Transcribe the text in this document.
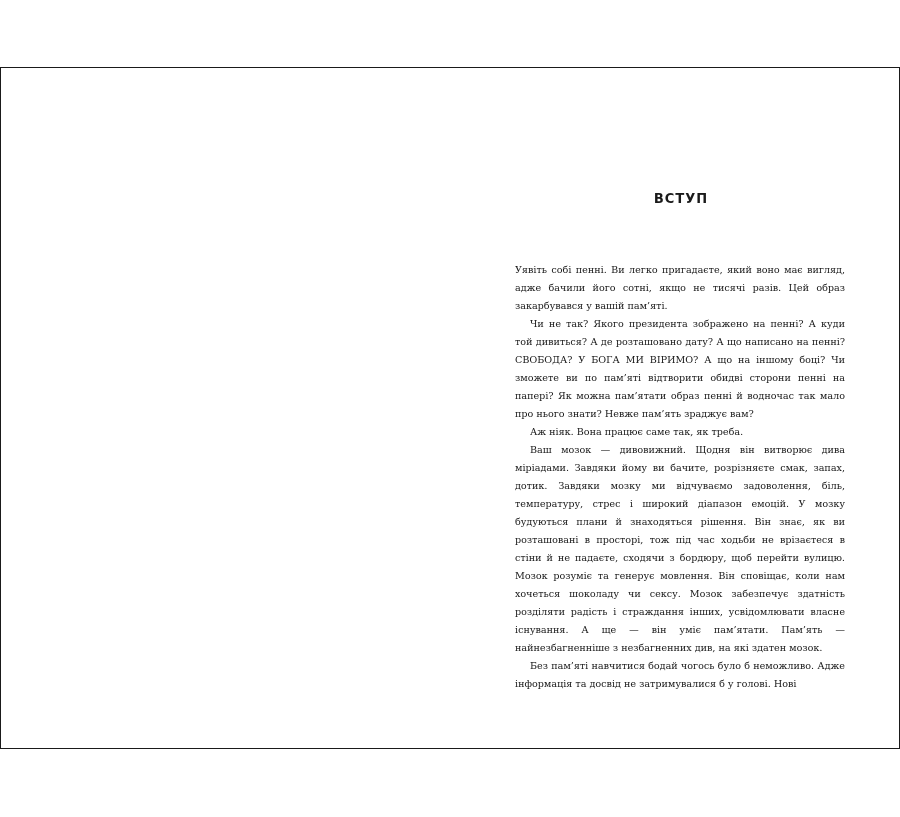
ВСТУП

Уявіть собі пенні. Ви легко пригадаєте, який воно має вигляд, адже бачили його сотні, якщо не тисячі разів. Цей образ закарбувався у вашій пам’яті.

Чи не так? Якого президента зображено на пенні? А куди той дивиться? А де розташовано дату? А що написано на пенні? СВОБОДА? У БОГА МИ ВІРИМО? А що на іншому боці? Чи зможете ви по пам’яті відтворити обидві сторони пенні на папері? Як можна пам’ятати образ пенні й водночас так мало про нього знати? Невже пам’ять зраджує вам?

Аж ніяк. Вона працює саме так, як треба.

Ваш мозок — дивовижний. Щодня він витворює дива міріадами. Завдяки йому ви бачите, розрізняєте смак, запах, дотик. Завдяки мозку ми відчуваємо задоволення, біль, температуру, стрес і широкий діапазон емоцій. У мозку будуються плани й знаходяться рішення. Він знає, як ви розташовані в просторі, тож під час ходьби не врізаєтеся в стіни й не падаєте, сходячи з бордюру, щоб перейти вулицю. Мозок розуміє та генерує мовлення. Він сповіщає, коли нам хочеться шоколаду чи сексу. Мозок забезпечує здатність розділяти радість і страждання інших, усвідомлювати власне існування. А ще — він уміє пам’ятати. Пам’ять — найнезбагненніше з незбагненних див, на які здатен мозок.

Без пам’яті навчитися бодай чогось було б неможливо. Адже інформація та досвід не затримувалися б у голові. Нові
